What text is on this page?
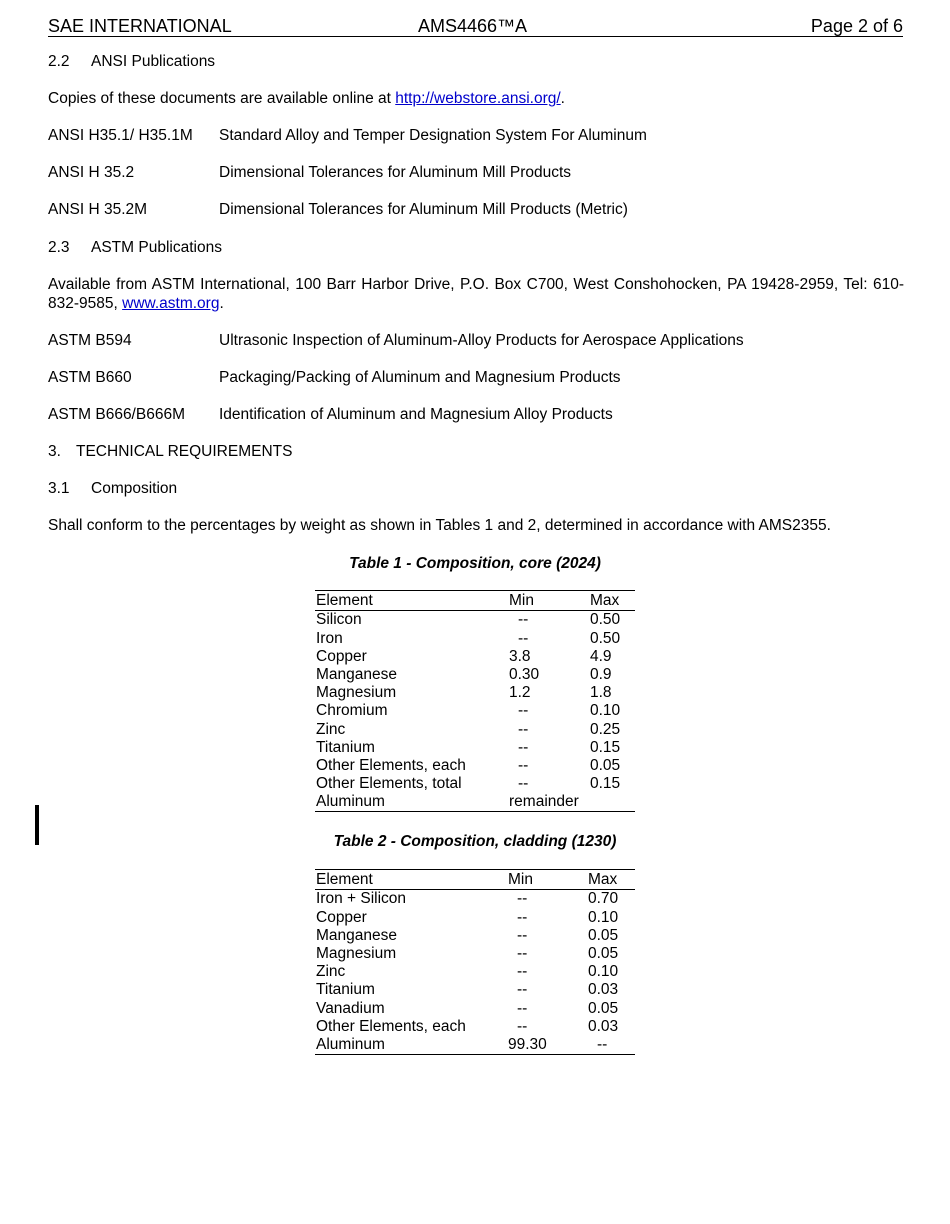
SAE INTERNATIONAL	AMS4466™A	Page 2 of 6
2.2 ANSI Publications
Copies of these documents are available online at http://webstore.ansi.org/.
ANSI H35.1/ H35.1M Standard Alloy and Temper Designation System For Aluminum
ANSI H 35.2	Dimensional Tolerances for Aluminum Mill Products
ANSI H 35.2M	Dimensional Tolerances for Aluminum Mill Products (Metric)
2.3 ASTM Publications
Available from ASTM International, 100 Barr Harbor Drive, P.O. Box C700, West Conshohocken, PA 19428-2959, Tel: 610-832-9585, www.astm.org.
ASTM B594	Ultrasonic Inspection of Aluminum-Alloy Products for Aerospace Applications
ASTM B660	Packaging/Packing of Aluminum and Magnesium Products
ASTM B666/B666M Identification of Aluminum and Magnesium Alloy Products
3. TECHNICAL REQUIREMENTS
3.1 Composition
Shall conform to the percentages by weight as shown in Tables 1 and 2, determined in accordance with AMS2355.
Table 1 - Composition, core (2024)
Element	Min	Max
Silicon	--	0.50
Iron	--	0.50
Copper	3.8	4.9
Manganese	0.30	0.9
Magnesium	1.2	1.8
Chromium	--	0.10
Zinc	--	0.25
Titanium	--	0.15
Other Elements, each	--	0.05
Other Elements, total	--	0.15
Aluminum	remainder	
Table 2 - Composition, cladding (1230)
Element	Min	Max
Iron + Silicon	--	0.70
Copper	--	0.10
Manganese	--	0.05
Magnesium	--	0.05
Zinc	--	0.10
Titanium	--	0.03
Vanadium	--	0.05
Other Elements, each	--	0.03
Aluminum	99.30	--
